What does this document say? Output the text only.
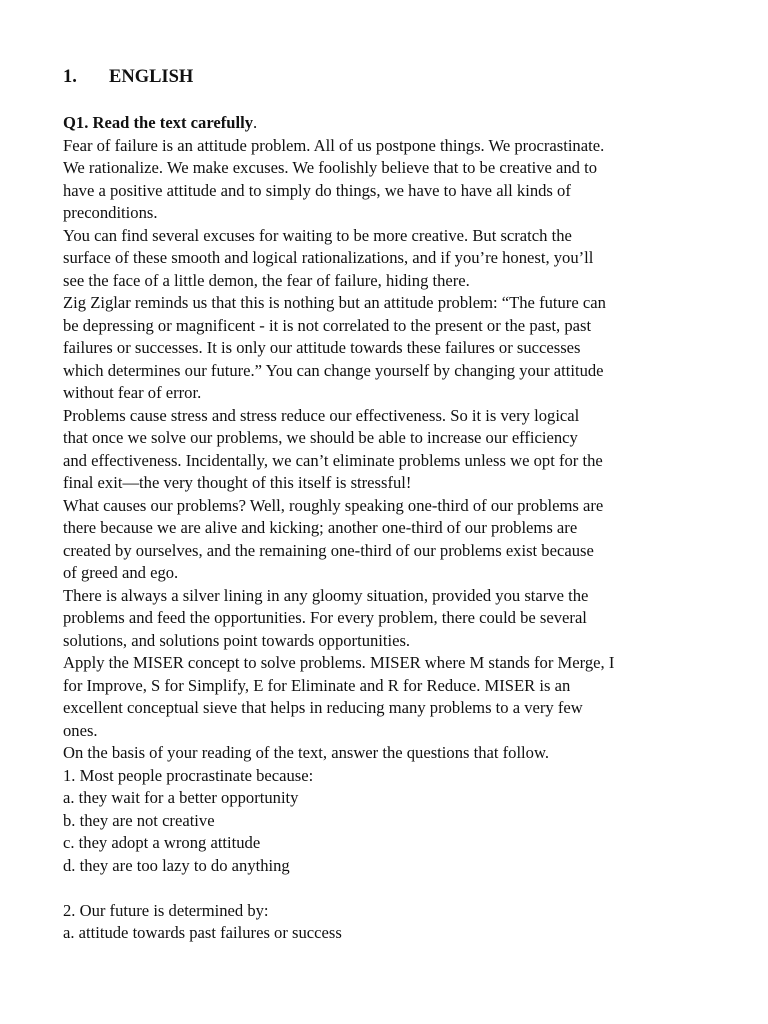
1. ENGLISH
Q1. Read the text carefully.
Fear of failure is an attitude problem. All of us postpone things. We procrastinate.
We rationalize. We make excuses. We foolishly believe that to be creative and to
have a positive attitude and to simply do things, we have to have all kinds of
preconditions.
You can find several excuses for waiting to be more creative. But scratch the
surface of these smooth and logical rationalizations, and if you’re honest, you’ll
see the face of a little demon, the fear of failure, hiding there.
Zig Ziglar reminds us that this is nothing but an attitude problem: “The future can
be depressing or magnificent - it is not correlated to the present or the past, past
failures or successes. It is only our attitude towards these failures or successes
which determines our future.” You can change yourself by changing your attitude
without fear of error.
Problems cause stress and stress reduce our effectiveness. So it is very logical
that once we solve our problems, we should be able to increase our efficiency
and effectiveness. Incidentally, we can’t eliminate problems unless we opt for the
final exit—the very thought of this itself is stressful!
What causes our problems? Well, roughly speaking one-third of our problems are
there because we are alive and kicking; another one-third of our problems are
created by ourselves, and the remaining one-third of our problems exist because
of greed and ego.
There is always a silver lining in any gloomy situation, provided you starve the
problems and feed the opportunities. For every problem, there could be several
solutions, and solutions point towards opportunities.
Apply the MISER concept to solve problems. MISER where M stands for Merge, I
for Improve, S for Simplify, E for Eliminate and R for Reduce. MISER is an
excellent conceptual sieve that helps in reducing many problems to a very few
ones.
On the basis of your reading of the text, answer the questions that follow.
1. Most people procrastinate because:
a. they wait for a better opportunity
b. they are not creative
c. they adopt a wrong attitude
d. they are too lazy to do anything
2. Our future is determined by:
a. attitude towards past failures or success
